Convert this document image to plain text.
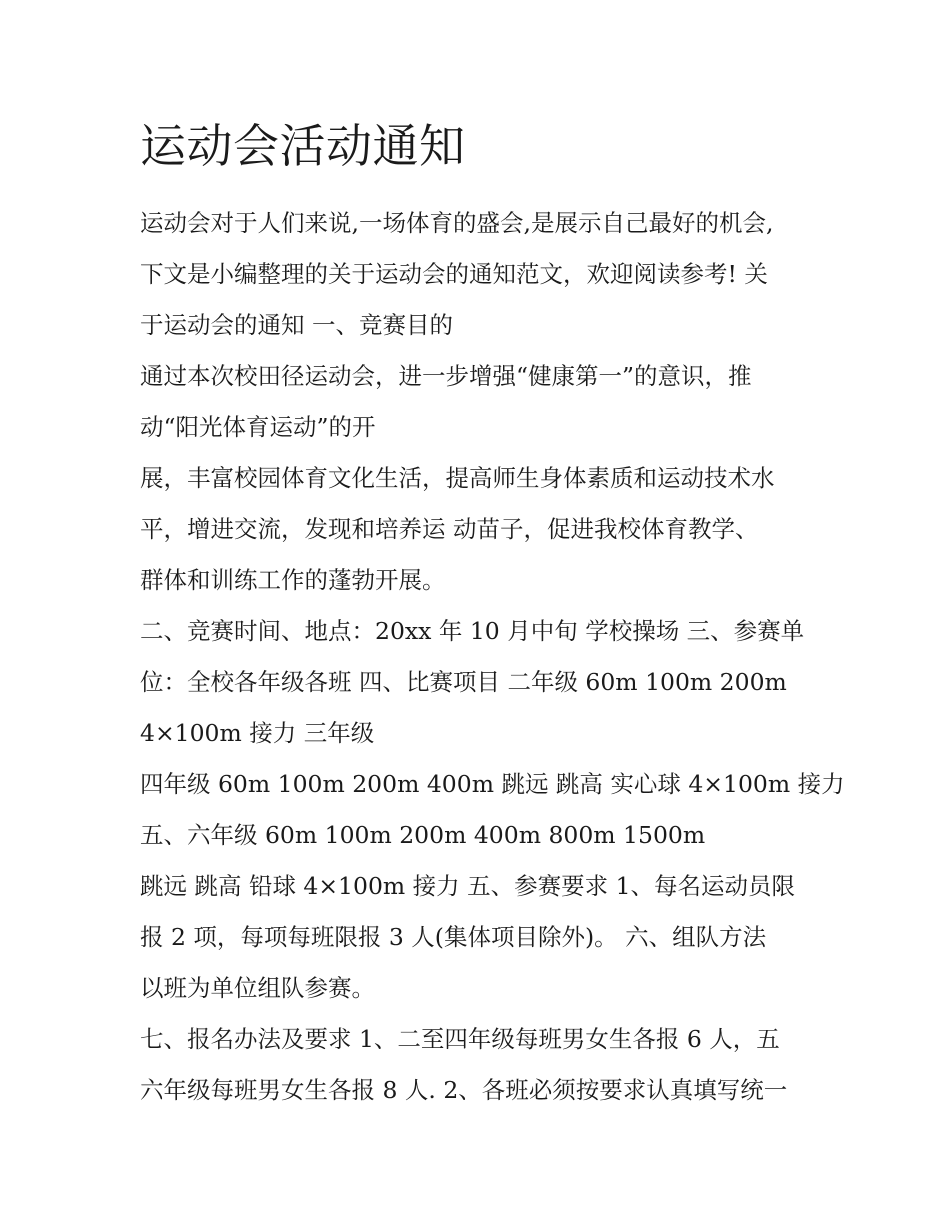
运动会活动通知
运动会对于人们来说,一场体育的盛会,是展示自己最好的机会,
下文是小编整理的关于运动会的通知范文，欢迎阅读参考! 关
于运动会的通知 一、竞赛目的
通过本次校田径运动会，进一步增强“健康第一”的意识，推
动“阳光体育运动”的开
展，丰富校园体育文化生活，提高师生身体素质和运动技术水
平，增进交流，发现和培养运 动苗子，促进我校体育教学、
群体和训练工作的蓬勃开展。
二、竞赛时间、地点：20xx 年 10 月中旬 学校操场 三、参赛单
位：全校各年级各班 四、比赛项目 二年级 60m 100m 200m
4×100m 接力 三年级
四年级 60m 100m 200m 400m 跳远 跳高 实心球 4×100m 接力
五、六年级 60m 100m 200m 400m 800m 1500m
跳远 跳高 铅球 4×100m 接力 五、参赛要求 1、每名运动员限
报 2 项，每项每班限报 3 人(集体项目除外)。 六、组队方法
以班为单位组队参赛。
七、报名办法及要求 1、二至四年级每班男女生各报 6 人，五
六年级每班男女生各报 8 人. 2、各班必须按要求认真填写统一
